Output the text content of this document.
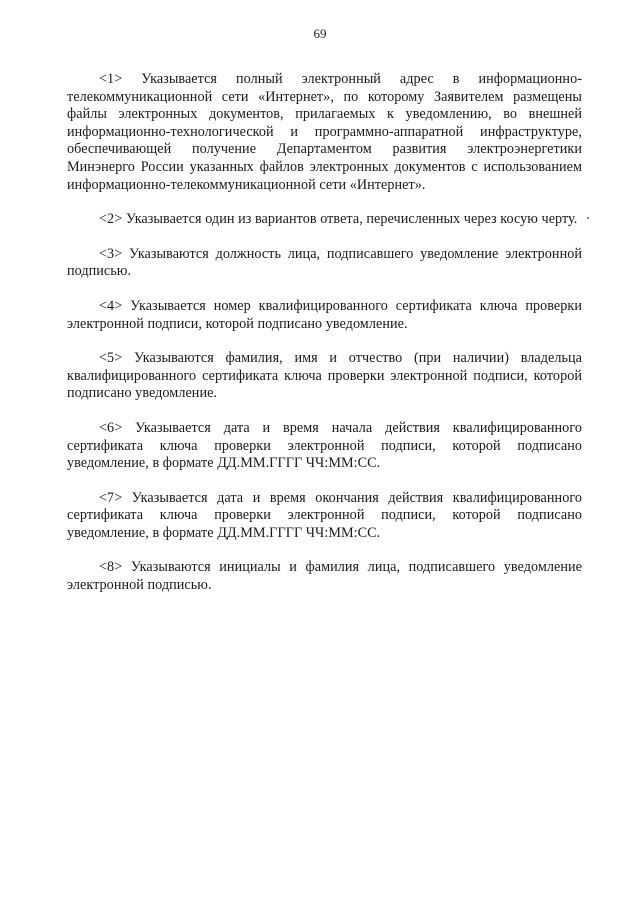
69

<1> Указывается полный электронный адрес в информационно-телекоммуникационной сети «Интернет», по которому Заявителем размещены файлы электронных документов, прилагаемых к уведомлению, во внешней информационно-технологической и программно-аппаратной инфраструктуре, обеспечивающей получение Департаментом развития электроэнергетики Минэнерго России указанных файлов электронных документов с использованием информационно-телекоммуникационной сети «Интернет».

<2> Указывается один из вариантов ответа, перечисленных через косую черту.

<3> Указываются должность лица, подписавшего уведомление электронной подписью.

<4> Указывается номер квалифицированного сертификата ключа проверки электронной подписи, которой подписано уведомление.

<5> Указываются фамилия, имя и отчество (при наличии) владельца квалифицированного сертификата ключа проверки электронной подписи, которой подписано уведомление.

<6> Указывается дата и время начала действия квалифицированного сертификата ключа проверки электронной подписи, которой подписано уведомление, в формате ДД.ММ.ГГГГ ЧЧ:ММ:СС.

<7> Указывается дата и время окончания действия квалифицированного сертификата ключа проверки электронной подписи, которой подписано уведомление, в формате ДД.ММ.ГГГГ ЧЧ:ММ:СС.

<8> Указываются инициалы и фамилия лица, подписавшего уведомление электронной подписью.
